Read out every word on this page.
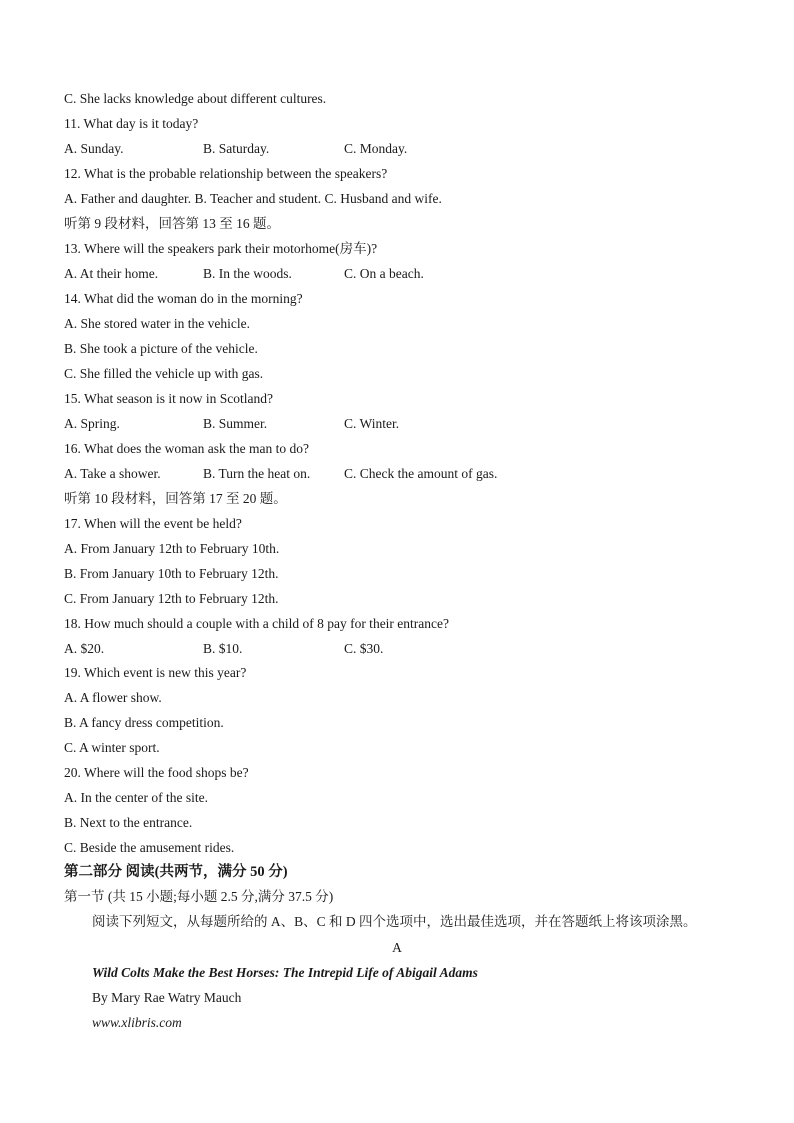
C. She lacks knowledge about different cultures.
11. What day is it today?
A. Sunday.	B. Saturday.	C. Monday.
12. What is the probable relationship between the speakers?
A. Father and daughter. B. Teacher and student. C. Husband and wife.
听第 9 段材料，回答第 13 至 16 题。
13. Where will the speakers park their motorhome(房车)?
A. At their home.	B. In the woods.	C. On a beach.
14. What did the woman do in the morning?
A. She stored water in the vehicle.
B. She took a picture of the vehicle.
C. She filled the vehicle up with gas.
15. What season is it now in Scotland?
A. Spring.	B. Summer.	C. Winter.
16. What does the woman ask the man to do?
A. Take a shower.	B. Turn the heat on. C. Check the amount of gas.
听第 10 段材料，回答第 17 至 20 题。
17. When will the event be held?
A. From January 12th to February 10th.
B. From January 10th to February 12th.
C. From January 12th to February 12th.
18. How much should a couple with a child of 8 pay for their entrance?
A. $20.	B. $10.	C. $30.
19. Which event is new this year?
A. A flower show.
B. A fancy dress competition.
C. A winter sport.
20. Where will the food shops be?
A. In the center of the site.
B. Next to the entrance.
C. Beside the amusement rides.
第二部分 阅读(共两节，满分 50 分)
第一节 (共 15 小题;每小题 2.5 分,满分 37.5 分)
阅读下列短文，从每题所给的 A、B、C 和 D 四个选项中，选出最佳选项，并在答题纸上将该项涂黑。
A
Wild Colts Make the Best Horses: The Intrepid Life of Abigail Adams
By Mary Rae Watry Mauch
www.xlibris.com
